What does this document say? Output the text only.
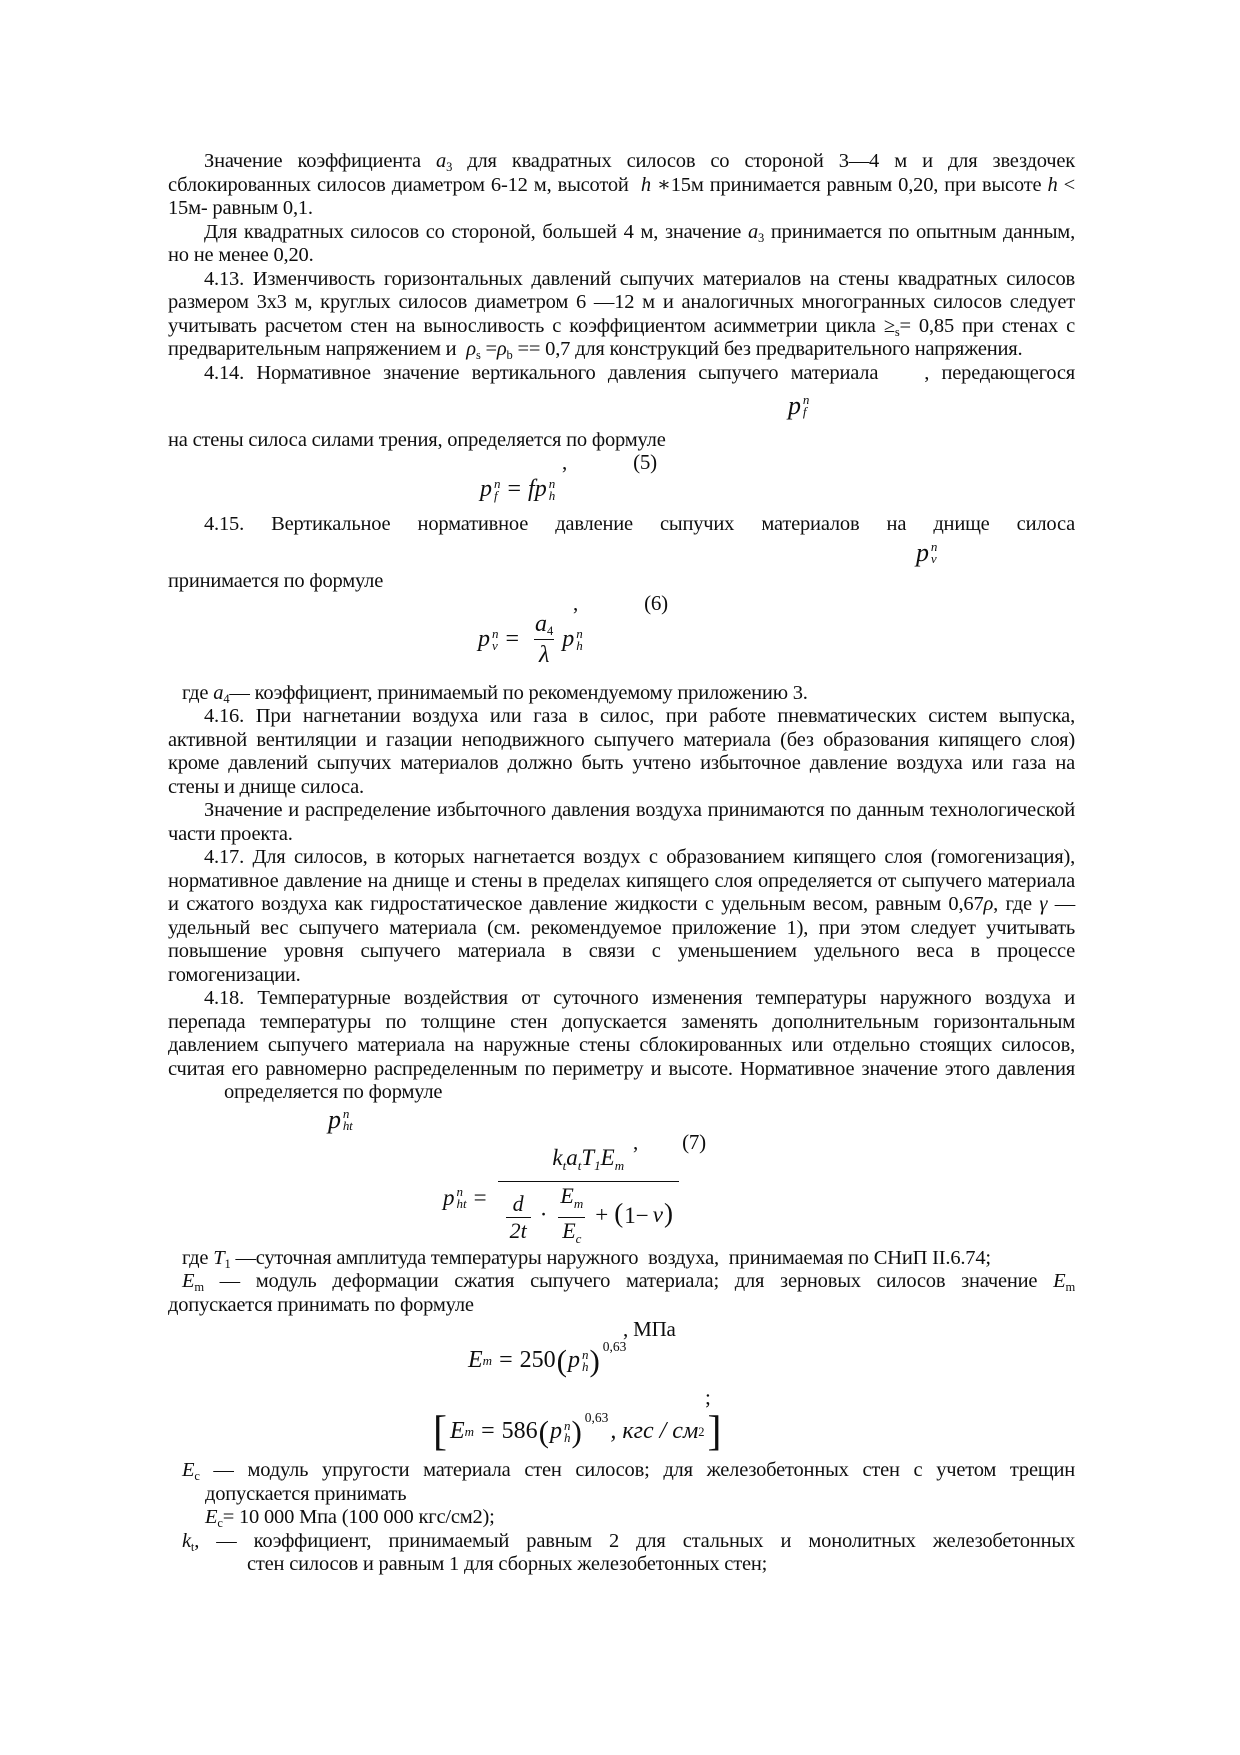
Значение коэффициента $a_3$ для квадратных силосов со стороной 3—4 м и для звездочек сблокированных силосов диаметром 6-12 м, высотой  h ∗15м принимается равным 0,20, при высоте h < 15м- равным 0,1.

Для квадратных силосов со стороной, большей 4 м, значение $a_3$ принимается по опытным данным, но не менее 0,20.

4.13. Изменчивость горизонтальных давлений сыпучих материалов на стены квадратных силосов размером 3х3 м, круглых силосов диаметром 6 —12 м и аналогичных многогранных силосов следует учитывать расчетом стен на выносливость с коэффициентом асимметрии цикла $\ge_s= 0,85$ при стенах с предварительным напряжением и  $\rho_s =\rho_b == 0,7$ для конструкций без предварительного напряжения.

4.14. Нормативное значение вертикального давления сыпучего материала , передающегося

p n
f

на стены силоса силами трения, определяется по формуле

,	(5)
p n
f = fp n
h

4.15. Вертикальное нормативное давление сыпучих материалов на днище силоса

p n
v

принимается по формуле

,	(6)
p n
$v = \frac{a_4}{\lambda}$ p n
h

где $a_4—$ коэффициент, принимаемый по рекомендуемому приложению 3.

4.16. При нагнетании воздуха или газа в силос, при работе пневматических систем выпуска, активной вентиляции и газации неподвижного сыпучего материала (без образования кипящего слоя) кроме давлений сыпучих материалов должно быть учтено избыточное давление воздуха или газа на стены и днище силоса.

Значение и распределение избыточного давления воздуха принимаются по данным технологической части проекта.

4.17. Для силосов, в которых нагнетается воздух с образованием кипящего слоя (гомогенизация), нормативное давление на днище и стены в пределах кипящего слоя определяется от сыпучего материала и сжатого воздуха как гидростатическое давление жидкости с удельным весом, равным 0,67ρ, где γ — удельный вес сыпучего материала (см. рекомендуемое приложение 1), при этом следует учитывать повышение уровня сыпучего материала в связи с уменьшением удельного веса в процессе гомогенизации.

4.18. Температурные воздействия от суточного изменения температуры наружного воздуха и перепада температуры по толщине стен допускается заменять дополнительным горизонтальным давлением сыпучего материала на наружные стены сблокированных или отдельно стоящих силосов, считая его равномерно распределенным по периметру и высоте. Нормативное значение этого давленияопределяется по формуле

p n
ht
, (7)
p n
ht =
$k_ta_tT_1E_m$
$\frac{d}{2t} \cdot \frac{E_m}{E_c} + (1- \nu)$

где $T_1$ —суточная амплитуда температуры наружного  воздуха,  принимаемая по СНиП II.6.74;

$E_m$ — модуль деформации сжатия сыпучего материала; для зерновых силосов значение $E_m$

допускается принимать по формуле

, МПа
E m = 250 ( p n
h ) 0,63
;
[ E m = 586 ( p n
h ) 0,63
, кгс / см 2 ]

$E_c$ — модуль упругости материала стен силосов; для железобетонных стен с учетом трещин допускается принимать

$E_c= 10$ 000 Мпа (100 000 кгс/см2);

$k_t$, — коэффициент, принимаемый равным 2 для стальных и монолитных железобетонных

стен силосов и равным 1 для сборных железобетонных стен;
